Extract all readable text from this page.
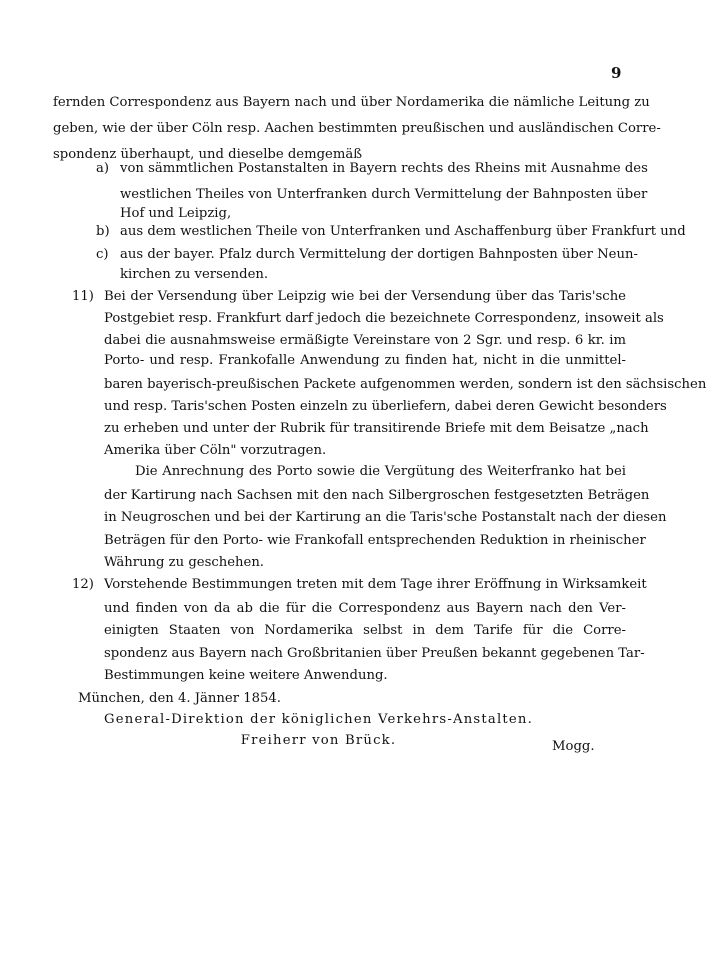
9
fernden Correspondenz aus Bayern nach und über Nordamerika die nämliche Leitung zu
geben, wie der über Cöln resp. Aachen bestimmten preußischen und ausländischen Corre-
spondenz überhaupt, und dieselbe demgemäß
a) von sämmtlichen Postanstalten in Bayern rechts des Rheins mit Ausnahme des
westlichen Theiles von Unterfranken durch Vermittelung der Bahnposten über
Hof und Leipzig,
b) aus dem westlichen Theile von Unterfranken und Aschaffenburg über Frankfurt und
c) aus der bayer. Pfalz durch Vermittelung der dortigen Bahnposten über Neun-
kirchen zu versenden.
11) Bei der Versendung über Leipzig wie bei der Versendung über das Taris'sche
Postgebiet resp. Frankfurt darf jedoch die bezeichnete Correspondenz, insoweit als
dabei die ausnahmsweise ermäßigte Vereinstare von 2 Sgr. und resp. 6 kr. im
Porto- und resp. Frankofalle Anwendung zu finden hat, nicht in die unmittel-
baren bayerisch-preußischen Packete aufgenommen werden, sondern ist den sächsischen
und resp. Taris'schen Posten einzeln zu überliefern, dabei deren Gewicht besonders
zu erheben und unter der Rubrik für transitirende Briefe mit dem Beisatze „nach
Amerika über Cöln" vorzutragen.
Die Anrechnung des Porto sowie die Vergütung des Weiterfranko hat bei
der Kartirung nach Sachsen mit den nach Silbergroschen festgesetzten Beträgen
in Neugroschen und bei der Kartirung an die Taris'sche Postanstalt nach der diesen
Beträgen für den Porto- wie Frankofall entsprechenden Reduktion in rheinischer
Währung zu geschehen.
12) Vorstehende Bestimmungen treten mit dem Tage ihrer Eröffnung in Wirksamkeit
und finden von da ab die für die Correspondenz aus Bayern nach den Ver-
einigten Staaten von Nordamerika selbst in dem Tarife für die Corre-
spondenz aus Bayern nach Großbritanien über Preußen bekannt gegebenen Tar-
Bestimmungen keine weitere Anwendung.
München, den 4. Jänner 1854.
General-Direktion der königlichen Verkehrs-Anstalten.
Freiherr von Brück.	Mogg.
